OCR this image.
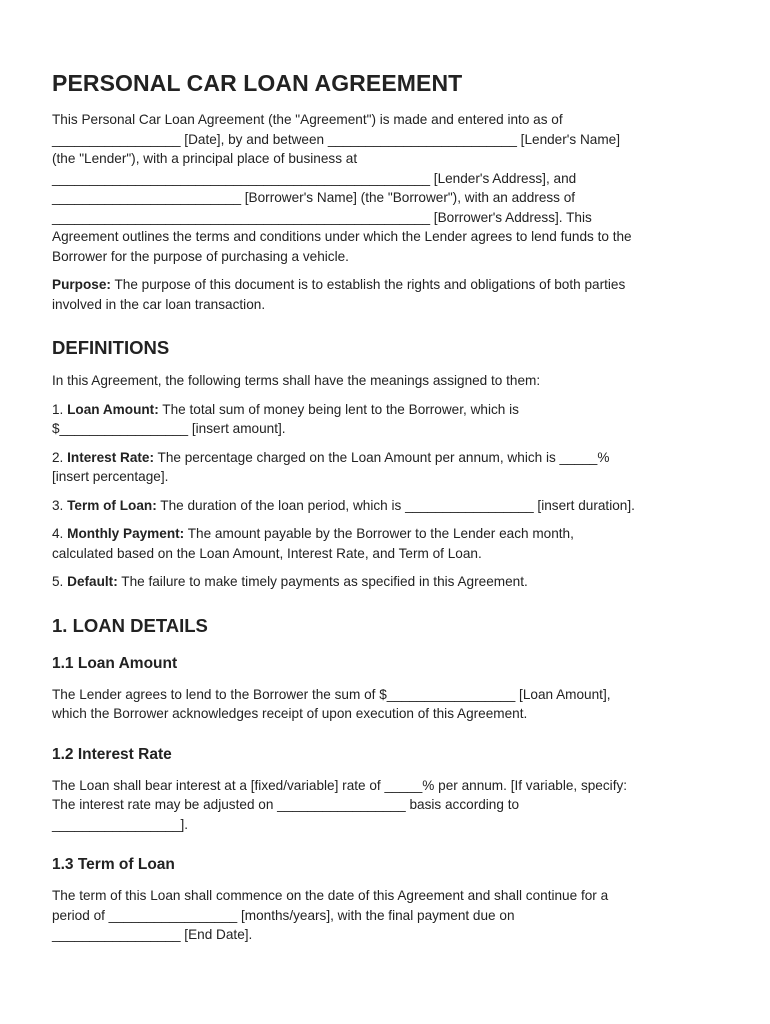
PERSONAL CAR LOAN AGREEMENT

This Personal Car Loan Agreement (the "Agreement") is made and entered into as of
_________________ [Date], by and between _________________________ [Lender's Name]
(the "Lender"), with a principal place of business at
__________________________________________________ [Lender's Address], and
_________________________ [Borrower's Name] (the "Borrower"), with an address of
__________________________________________________ [Borrower's Address]. This
Agreement outlines the terms and conditions under which the Lender agrees to lend funds to the
Borrower for the purpose of purchasing a vehicle.

Purpose: The purpose of this document is to establish the rights and obligations of both parties
involved in the car loan transaction.

DEFINITIONS

In this Agreement, the following terms shall have the meanings assigned to them:

1. Loan Amount: The total sum of money being lent to the Borrower, which is
$_________________ [insert amount].

2. Interest Rate: The percentage charged on the Loan Amount per annum, which is _____%
[insert percentage].

3. Term of Loan: The duration of the loan period, which is _________________ [insert duration].

4. Monthly Payment: The amount payable by the Borrower to the Lender each month,
calculated based on the Loan Amount, Interest Rate, and Term of Loan.

5. Default: The failure to make timely payments as specified in this Agreement.

1. LOAN DETAILS
1.1 Loan Amount

The Lender agrees to lend to the Borrower the sum of $_________________ [Loan Amount],
which the Borrower acknowledges receipt of upon execution of this Agreement.

1.2 Interest Rate

The Loan shall bear interest at a [fixed/variable] rate of _____% per annum. [If variable, specify:
The interest rate may be adjusted on _________________ basis according to
_________________].

1.3 Term of Loan

The term of this Loan shall commence on the date of this Agreement and shall continue for a
period of _________________ [months/years], with the final payment due on
_________________ [End Date].
